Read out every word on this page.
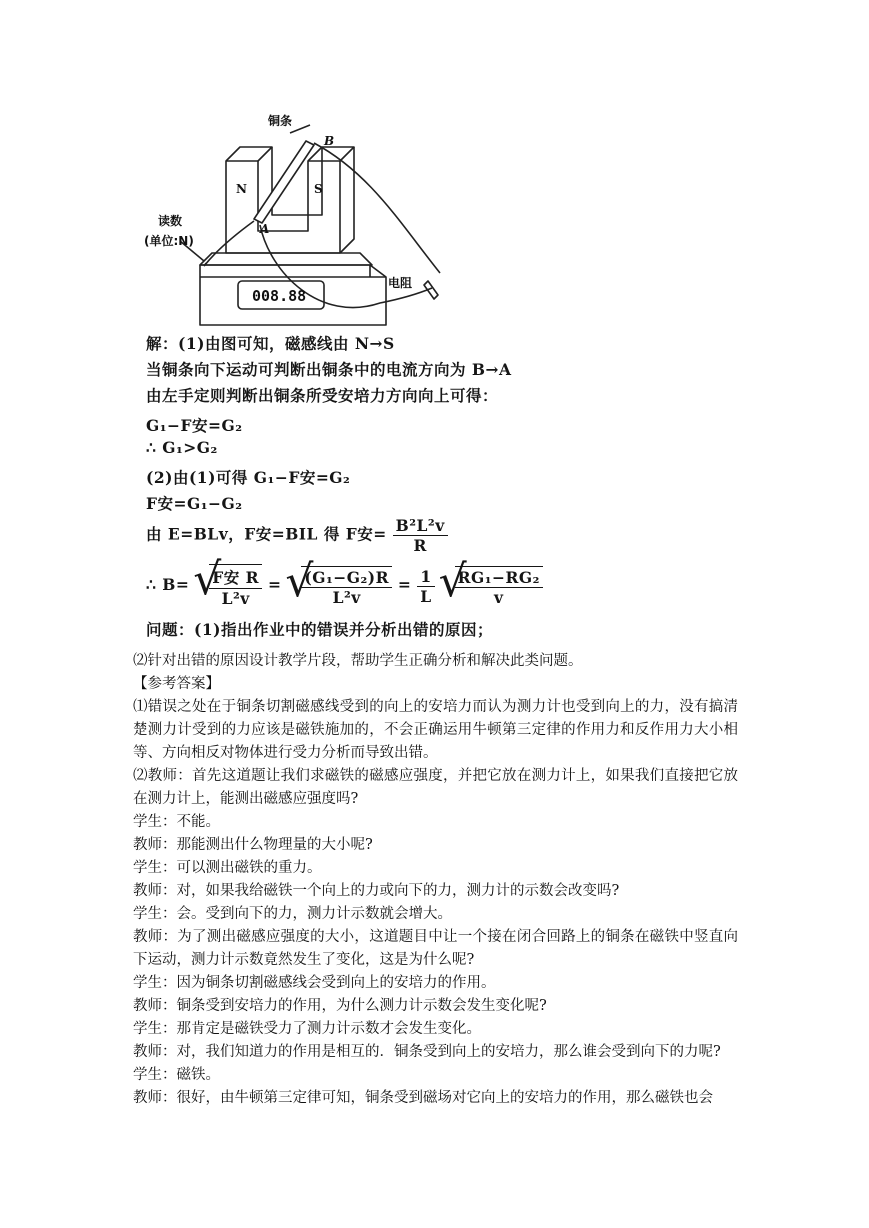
铜条
B
N	S
A
读数
(单位:N)
008.88
电阻
解：(1)由图可知，磁感线由 N→S
当铜条向下运动可判断出铜条中的电流方向为 B→A
由左手定则判断出铜条所受安培力方向向上可得：
G₁−F安=G₂
∴ G₁>G₂
(2)由(1)可得 G₁−F安=G₂
F安=G₁−G₂
由 E=BLv，F安=BIL 得 F安= $\frac{\text{B²L²v}}{R}$
∴ B= √ $\frac{\text{F安 R}}{\text{L²v}}$ = √ $\frac{\text{(G₁−G₂)R}}{\text{L²v}} = \frac{1}{L}$
√ $\frac{\text{RG₁−RG₂}}{v}$
问题：(1)指出作业中的错误并分析出错的原因；

⑵针对出错的原因设计教学片段，帮助学生正确分析和解决此类问题。

【参考答案】

⑴错误之处在于铜条切割磁感线受到的向上的安培力而认为测力计也受到向上的力，没有搞清楚测力计受到的力应该是磁铁施加的，不会正确运用牛顿第三定律的作用力和反作用力大小相等、方向相反对物体进行受力分析而导致出错。

⑵教师：首先这道题让我们求磁铁的磁感应强度，并把它放在测力计上，如果我们直接把它放在测力计上，能测出磁感应强度吗?

学生：不能。

教师：那能测出什么物理量的大小呢?

学生：可以测出磁铁的重力。

教师：对，如果我给磁铁一个向上的力或向下的力，测力计的示数会改变吗?

学生：会。受到向下的力，测力计示数就会增大。

教师：为了测出磁感应强度的大小，这道题目中让一个接在闭合回路上的铜条在磁铁中竖直向下运动，测力计示数竟然发生了变化，这是为什么呢?

学生：因为铜条切割磁感线会受到向上的安培力的作用。

教师：铜条受到安培力的作用，为什么测力计示数会发生变化呢?

学生：那肯定是磁铁受力了测力计示数才会发生变化。

教师：对，我们知道力的作用是相互的．铜条受到向上的安培力，那么谁会受到向下的力呢?

学生：磁铁。

教师：很好，由牛顿第三定律可知，铜条受到磁场对它向上的安培力的作用，那么磁铁也会
